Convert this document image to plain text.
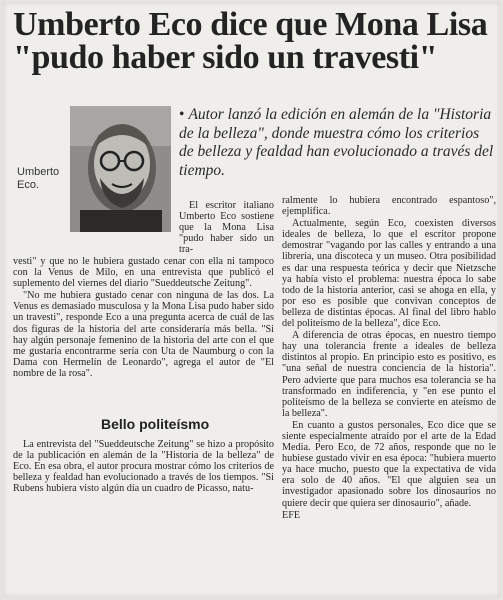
Umberto Eco dice que Mona Lisa
"pudo haber sido un travesti"
Umberto
Eco.
• Autor lanzó la edición en alemán de la "Historia de la belleza", donde muestra cómo los criterios de belleza y fealdad han evolucionado a través del tiempo.

El escritor italiano Umberto Eco sostiene que la Mona Lisa "pudo haber sido un tra-

vesti" y que no le hubiera gustado cenar con ella ni tampoco con la Venus de Milo, en una entrevista que publicó el suplemento del viernes del diario "Sueddeutsche Zeitung".

"No me hubiera gustado cenar con ninguna de las dos. La Venus es demasiado musculosa y la Mona Lisa pudo haber sido un travesti", responde Eco a una pregunta acerca de cuál de las dos figuras de la historia del arte consideraría más bella. "Si hay algún personaje femenino de la historia del arte con el que me gustaría encontrarme sería con Uta de Naumburg o con la Dama con Hermelín de Leonardo", agrega el autor de "El nombre de la rosa".

Bello politeísmo

La entrevista del "Sueddeutsche Zeitung" se hizo a propósito de la publicación en alemán de la "Historia de la belleza" de Eco. En esa obra, el autor procura mostrar cómo los criterios de belleza y fealdad han evolucionado a través de los tiempos. "Si Rubens hubiera visto algún día un cuadro de Picasso, natu-

ralmente lo hubiera encontrado espantoso", ejemplifica.

Actualmente, según Eco, coexisten diversos ideales de belleza, lo que el escritor propone demostrar "vagando por las calles y entrando a una librería, una discoteca y un museo. Otra posibilidad es dar una respuesta teórica y decir que Nietzsche ya había visto el problema: nuestra época lo sabe todo de la historia anterior, casi se ahoga en ella, y por eso es posible que convivan conceptos de belleza de distintas épocas. Al final del libro hablo del politeísmo de la belleza", dice Eco.

A diferencia de otras épocas, en nuestro tiempo hay una tolerancia frente a ideales de belleza distintos al propio. En principio esto es positivo, es "una señal de nuestra conciencia de la historia". Pero advierte que para muchos esa tolerancia se ha transformado en indiferencia, y "en ese punto el politeísmo de la belleza se convierte en ateísmo de la belleza".

En cuanto a gustos personales, Eco dice que se siente especialmente atraído por el arte de la Edad Media. Pero Eco, de 72 años, responde que no le hubiese gustado vivir en esa época: "hubiera muerto ya hace mucho, puesto que la expectativa de vida era solo de 40 años. "El que alguien sea un investigador apasionado sobre los dinosaurios no quiere decir que quiera ser dinosaurio", añade.

EFE
